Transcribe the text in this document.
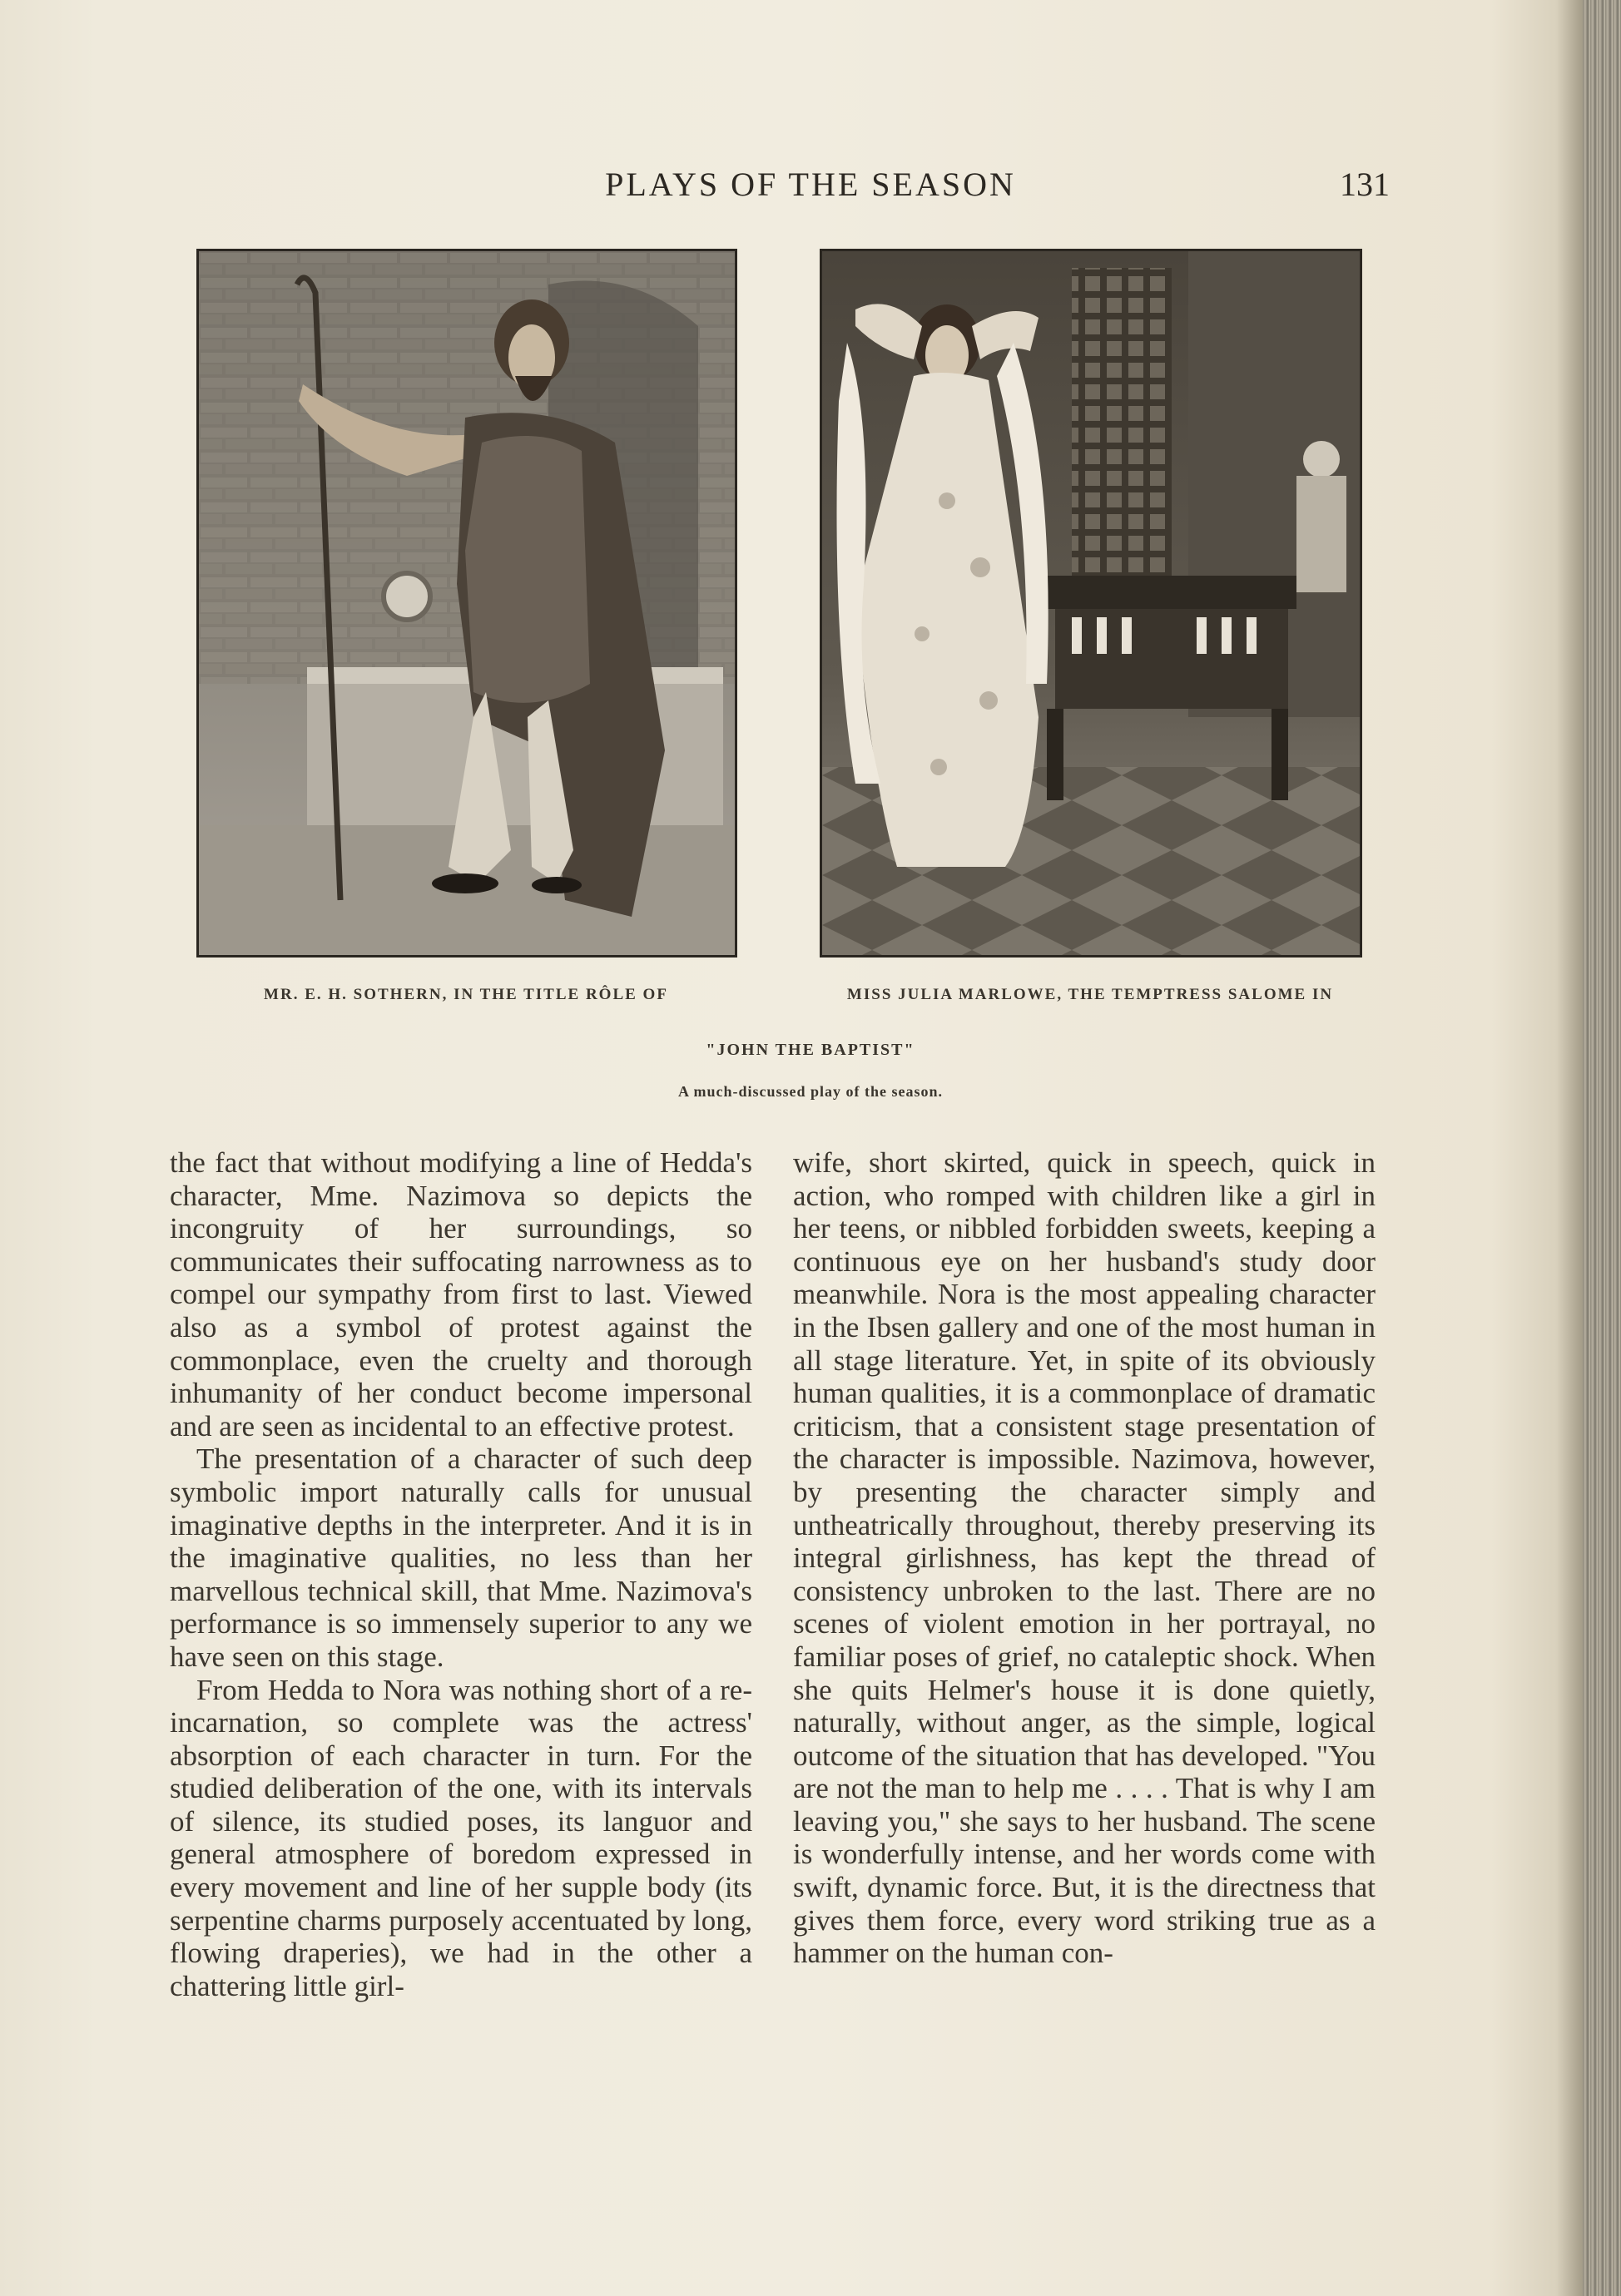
PLAYS OF THE SEASON	131
MR. E. H. SOTHERN, IN THE TITLE RÔLE OF	MISS JULIA MARLOWE, THE TEMPTRESS SALOME IN
"JOHN THE BAPTIST"
A much-discussed play of the season.

the fact that without modifying a line of Hedda's character, Mme. Nazimova so depicts the incongruity of her surroundings, so communicates their suffocating narrowness as to compel our sympathy from first to last. Viewed also as a symbol of protest against the commonplace, even the cruelty and thorough inhumanity of her conduct become impersonal and are seen as incidental to an effective protest.

The presentation of a character of such deep symbolic import naturally calls for unusual imaginative depths in the interpreter. And it is in the imaginative qualities, no less than her marvellous technical skill, that Mme. Nazimova's performance is so immensely superior to any we have seen on this stage.

From Hedda to Nora was nothing short of a re-incarnation, so complete was the actress' absorption of each character in turn. For the studied deliberation of the one, with its intervals of silence, its studied poses, its languor and general atmosphere of boredom expressed in every movement and line of her supple body (its serpentine charms purposely accentuated by long, flowing draperies), we had in the other a chattering little girl-

wife, short skirted, quick in speech, quick in action, who romped with children like a girl in her teens, or nibbled forbidden sweets, keeping a continuous eye on her husband's study door meanwhile. Nora is the most appealing character in the Ibsen gallery and one of the most human in all stage literature. Yet, in spite of its obviously human qualities, it is a commonplace of dramatic criticism, that a consistent stage presentation of the character is impossible. Nazimova, however, by presenting the character simply and untheatrically throughout, thereby preserving its integral girlishness, has kept the thread of consistency unbroken to the last. There are no scenes of violent emotion in her portrayal, no familiar poses of grief, no cataleptic shock. When she quits Helmer's house it is done quietly, naturally, without anger, as the simple, logical outcome of the situation that has developed. "You are not the man to help me . . . . That is why I am leaving you," she says to her husband. The scene is wonderfully intense, and her words come with swift, dynamic force. But, it is the directness that gives them force, every word striking true as a hammer on the human con-
